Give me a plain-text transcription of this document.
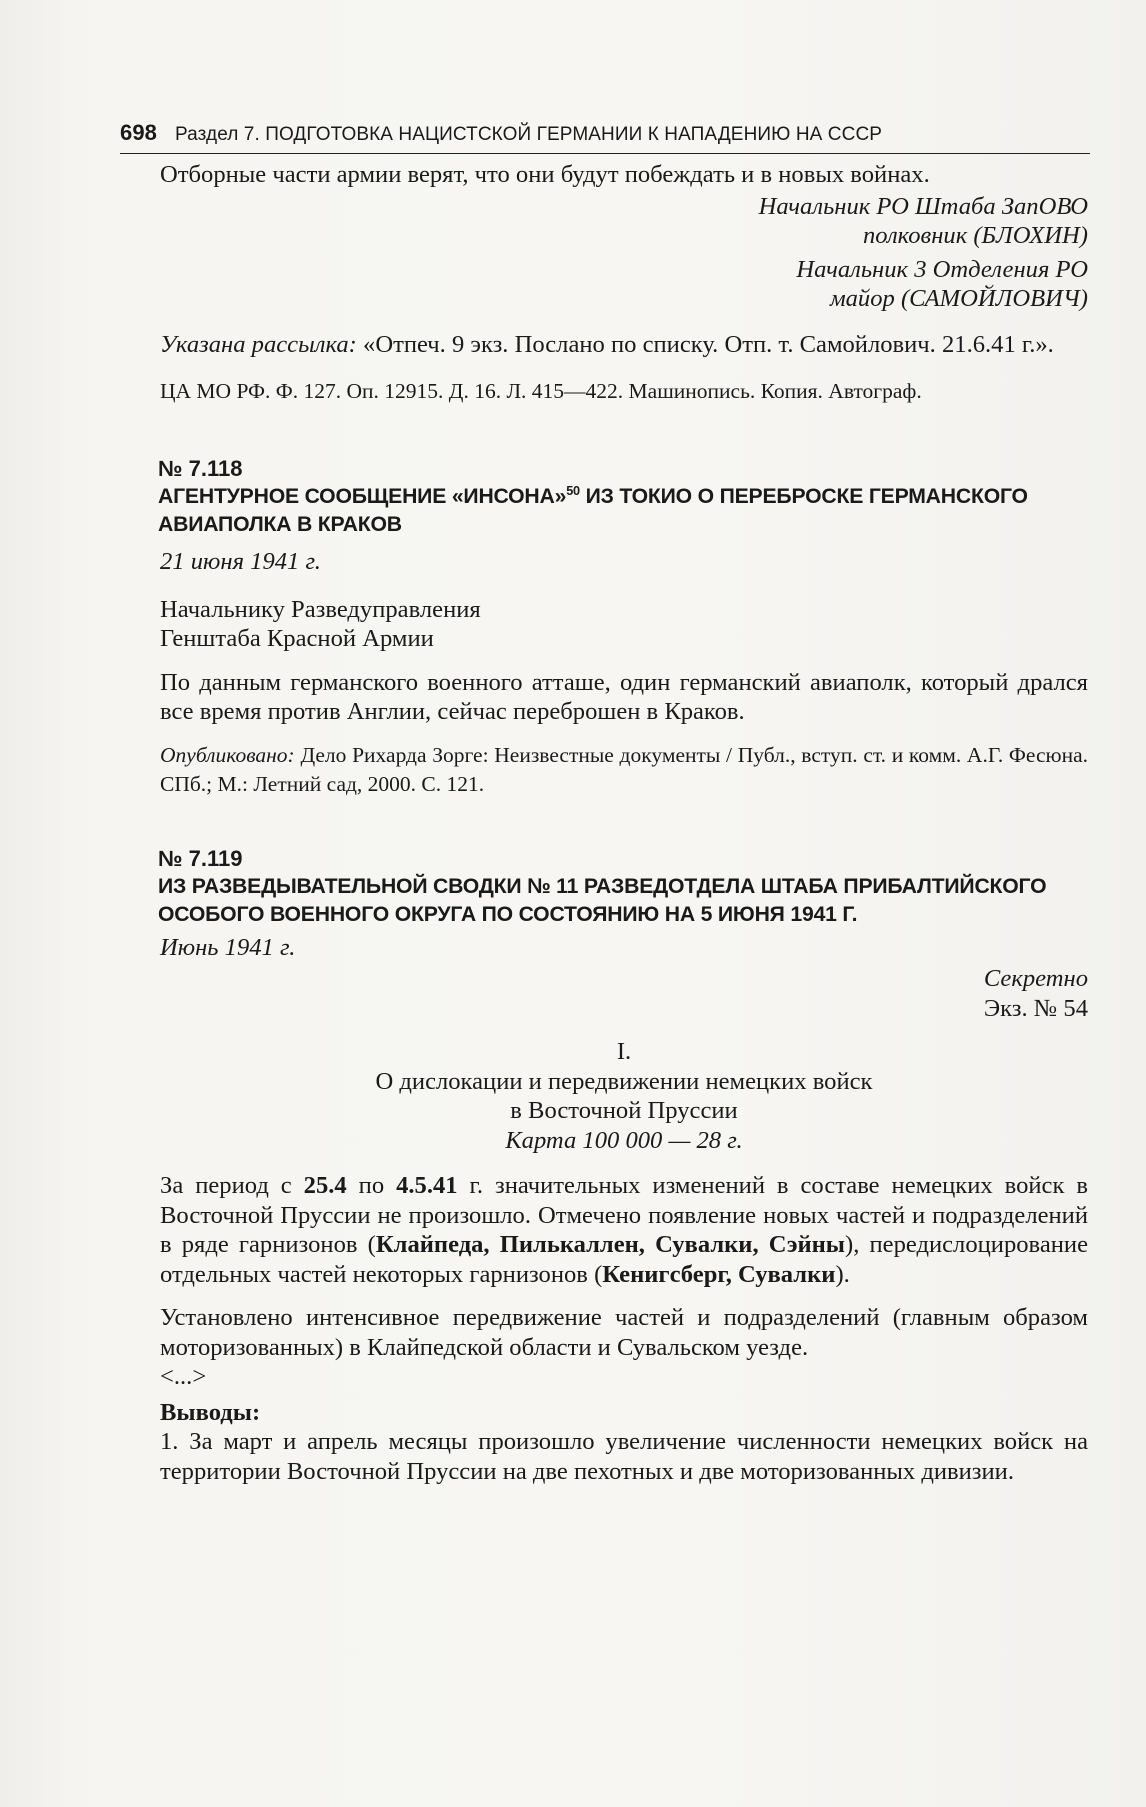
698 Раздел 7. ПОДГОТОВКА НАЦИСТСКОЙ ГЕРМАНИИ К НАПАДЕНИЮ НА СССР

Отборные части армии верят, что они будут побеждать и в новых войнах.

Начальник РО Штаба ЗапОВО

полковник (БЛОХИН)

Начальник 3 Отделения РО

майор (САМОЙЛОВИЧ)

Указана рассылка: «Отпеч. 9 экз. Послано по списку. Отп. т. Самойлович. 21.6.41 г.».

ЦА МО РФ. Ф. 127. Оп. 12915. Д. 16. Л. 415—422. Машинопись. Копия. Автограф.

№ 7.118
АГЕНТУРНОЕ СООБЩЕНИЕ «ИНСОНА»$^{50}$ ИЗ ТОКИО О ПЕРЕБРОСКЕ ГЕРМАНСКОГО АВИАПОЛКА В КРАКОВ

21 июня 1941 г.

Начальнику Разведуправления

Генштаба Красной Армии

По данным германского военного атташе, один германский авиаполк, который дрался все время против Англии, сейчас переброшен в Краков.

Опубликовано: Дело Рихарда Зорге: Неизвестные документы / Публ., вступ. ст. и комм. А.Г. Фесюна. СПб.; М.: Летний сад, 2000. С. 121.

№ 7.119
ИЗ РАЗВЕДЫВАТЕЛЬНОЙ СВОДКИ № 11 РАЗВЕДОТДЕЛА ШТАБА ПРИБАЛТИЙСКОГО ОСОБОГО ВОЕННОГО ОКРУГА ПО СОСТОЯНИЮ НА 5 ИЮНЯ 1941 Г.

Июнь 1941 г.

Секретно

Экз. № 54

I.

О дислокации и передвижении немецких войск

в Восточной Пруссии

Карта 100 000 — 28 г.

За период с 25.4 по 4.5.41 г. значительных изменений в составе немецких войск в Восточной Пруссии не произошло. Отмечено появление новых частей и подразделений в ряде гарнизонов (Клайпеда, Пилькаллен, Сувалки, Сэйны), передислоцирование отдельных частей некоторых гарнизонов (Кенигсберг, Сувалки).

Установлено интенсивное передвижение частей и подразделений (главным образом моторизованных) в Клайпедской области и Сувальском уезде.

<...>

Выводы:

1. За март и апрель месяцы произошло увеличение численности немецких войск на территории Восточной Пруссии на две пехотных и две моторизованных дивизии.
